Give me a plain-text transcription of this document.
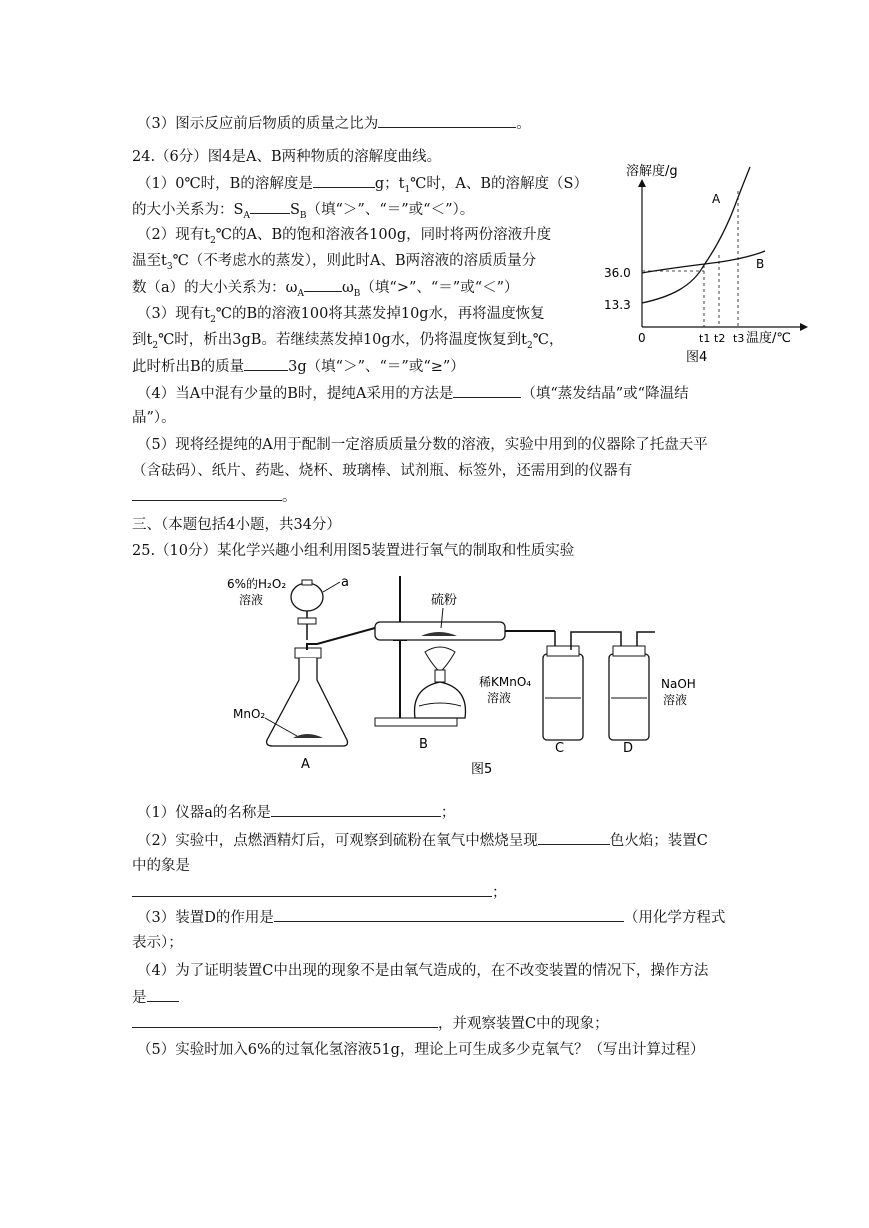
（3）图示反应前后物质的质量之比为	。
24.（6分）图4是A、B两种物质的溶解度曲线。
（1）0℃时，B的溶解度是	g；$t_1℃$时，A、B的溶解度（S）
的大小关系为：$S_A$	$S_B$（填“＞”、“＝”或“＜”）。
（2）现有$t_2℃$的A、B的饱和溶液各100g，同时将两份溶液升度
温至$t_3℃$（不考虑水的蒸发），则此时A、B两溶液的溶质质量分
数（a）的大小关系为：$\omega_A$	$\omega_B$（填“>”、“＝”或“＜”）
（3）现有$t_2℃$的B的溶液100将其蒸发掉10g水，再将温度恢复
到$t_2℃$时，析出3gB。若继续蒸发掉10g水，仍将温度恢复到$t_2℃$，
此时析出B的质量	3g（填“＞”、“＝”或“≥”）
（4）当A中混有少量的B时，提纯A采用的方法是	（填“蒸发结晶”或“降温结
晶”）。
（5）现将经提纯的A用于配制一定溶质质量分数的溶液，实验中用到的仪器除了托盘天平
（含砝码）、纸片、药匙、烧杯、玻璃棒、试剂瓶、标签外，还需用到的仪器有
。
溶解度/g
A
B
36.0
13.3
0	t1 t2 t3 温度/℃
图4
三、（本题包括4小题，共34分）
25.（10分）某化学兴趣小组利用图5装置进行氧气的制取和性质实验
6%的H₂O₂
溶液
a
MnO₂
A
硫粉
B
稀KMnO₄
溶液
C
NaOH
溶液
D
图5
（1）仪器a的名称是	；
（2）实验中，点燃酒精灯后，可观察到硫粉在氧气中燃烧呈现	色火焰；装置C
中的象是
；
（3）装置D的作用是	（用化学方程式
表示）；
（4）为了证明装置C中出现的现象不是由氧气造成的，在不改变装置的情况下，操作方法
是
，并观察装置C中的现象；
（5）实验时加入6%的过氧化氢溶液51g，理论上可生成多少克氧气？（写出计算过程）
